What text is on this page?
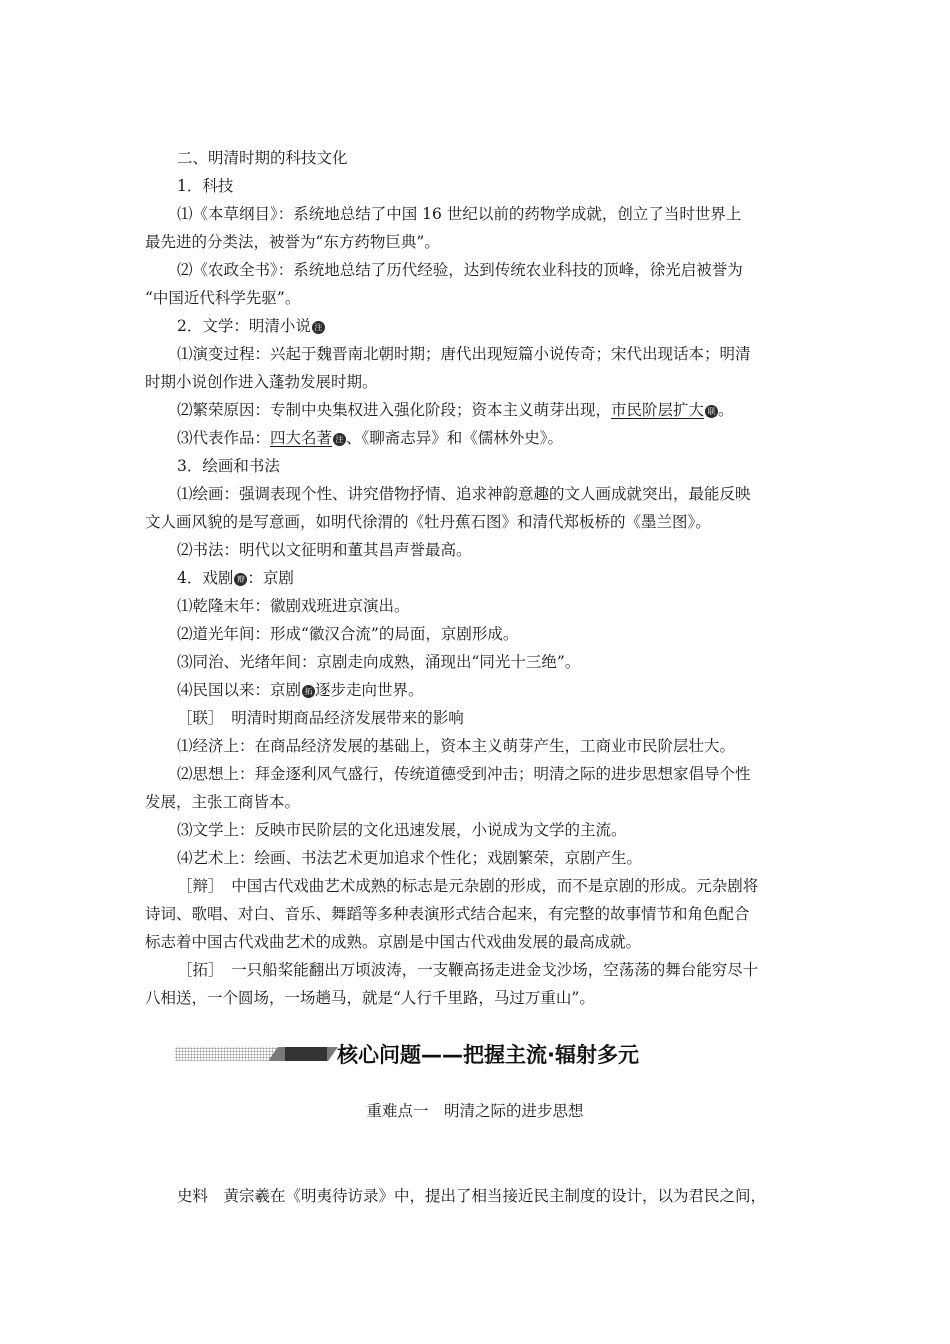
二、明清时期的科技文化
1．科技
⑴《本草纲目》：系统地总结了中国 16 世纪以前的药物学成就，创立了当时世界上
最先进的分类法，被誉为“东方药物巨典”。
⑵《农政全书》：系统地总结了历代经验，达到传统农业科技的顶峰，徐光启被誉为
“中国近代科学先驱”。
2．文学：明清小说 注
⑴演变过程：兴起于魏晋南北朝时期；唐代出现短篇小说传奇；宋代出现话本；明清
时期小说创作进入蓬勃发展时期。
⑵繁荣原因：专制中央集权进入强化阶段；资本主义萌芽出现，市民阶层扩大 联 。
⑶代表作品：四大名著 注 、《聊斋志异》和《儒林外史》。
3．绘画和书法
⑴绘画：强调表现个性、讲究借物抒情、追求神韵意趣的文人画成就突出，最能反映
文人画风貌的是写意画，如明代徐渭的《牡丹蕉石图》和清代郑板桥的《墨兰图》。
⑵书法：明代以文征明和董其昌声誉最高。
4．戏剧 辩 ：京剧
⑴乾隆末年：徽剧戏班进京演出。
⑵道光年间：形成“徽汉合流”的局面，京剧形成。
⑶同治、光绪年间：京剧走向成熟，涌现出“同光十三绝”。
⑷民国以来：京剧 拓 逐步走向世界。
［联］　明清时期商品经济发展带来的影响
⑴经济上：在商品经济发展的基础上，资本主义萌芽产生，工商业市民阶层壮大。
⑵思想上：拜金逐利风气盛行，传统道德受到冲击；明清之际的进步思想家倡导个性
发展，主张工商皆本。
⑶文学上：反映市民阶层的文化迅速发展，小说成为文学的主流。
⑷艺术上：绘画、书法艺术更加追求个性化；戏剧繁荣，京剧产生。
［辩］　中国古代戏曲艺术成熟的标志是元杂剧的形成，而不是京剧的形成。元杂剧将
诗词、歌唱、对白、音乐、舞蹈等多种表演形式结合起来，有完整的故事情节和角色配合
标志着中国古代戏曲艺术的成熟。京剧是中国古代戏曲发展的最高成就。
［拓］　一只船桨能翻出万顷波涛，一支鞭高扬走进金戈沙场，空荡荡的舞台能穷尽十
八相送，一个圆场，一场趟马，就是“人行千里路，马过万重山”。
核心问题——把握主流·辐射多元
重难点一　明清之际的进步思想
史料　黄宗羲在《明夷待访录》中，提出了相当接近民主制度的设计，以为君民之间，
